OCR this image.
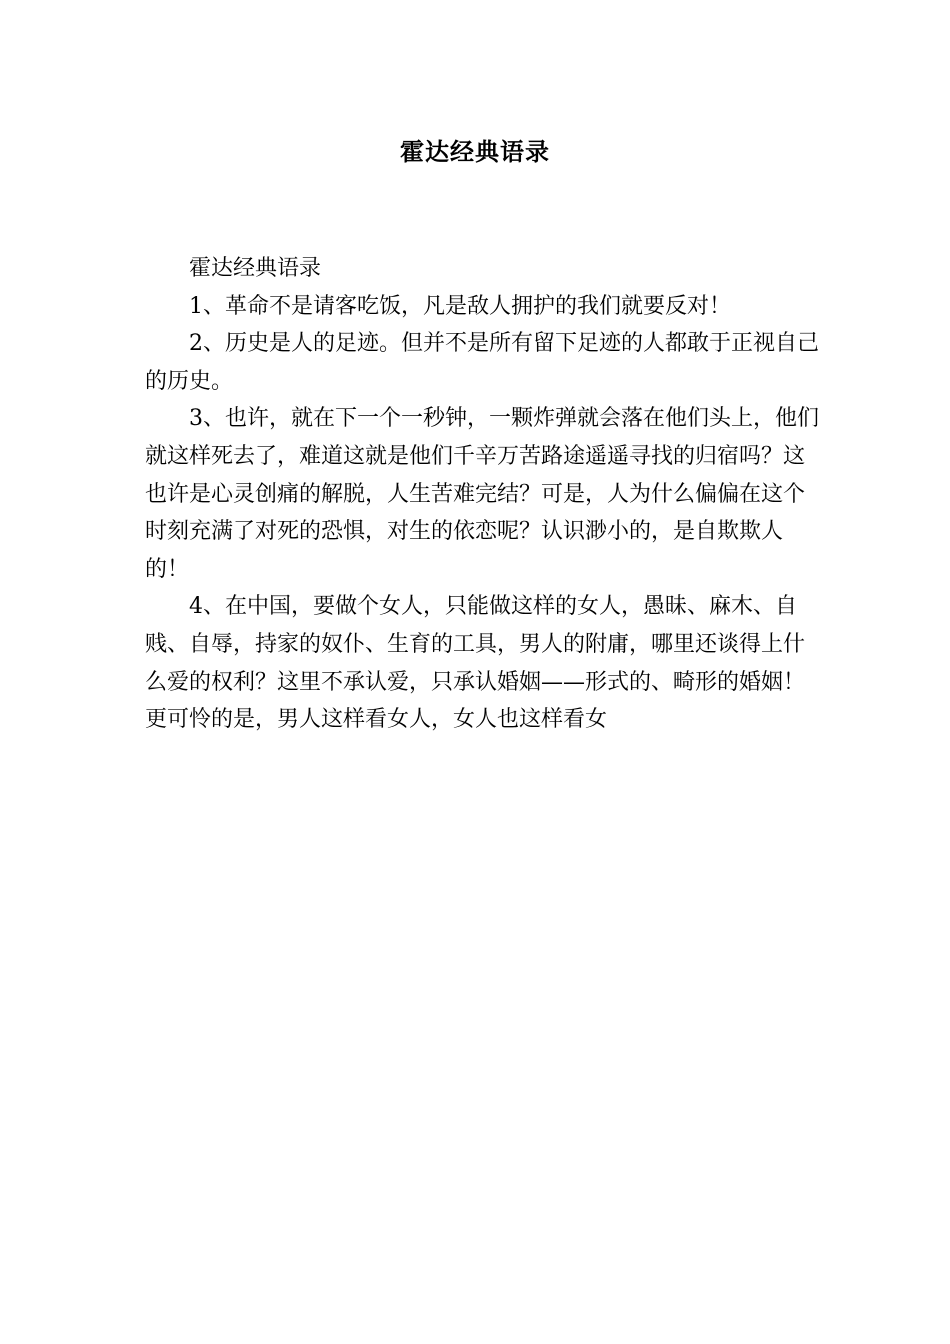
霍达经典语录

霍达经典语录

1、革命不是请客吃饭，凡是敌人拥护的我们就要反对！

2、历史是人的足迹。但并不是所有留下足迹的人都敢于正视自己的历史。

3、也许，就在下一个一秒钟，一颗炸弹就会落在他们头上，他们就这样死去了，难道这就是他们千辛万苦路途遥遥寻找的归宿吗？这也许是心灵创痛的解脱，人生苦难完结？可是，人为什么偏偏在这个时刻充满了对死的恐惧，对生的依恋呢？认识渺小的，是自欺欺人的！

4、在中国，要做个女人，只能做这样的女人，愚昧、麻木、自贱、自辱，持家的奴仆、生育的工具，男人的附庸，哪里还谈得上什么爱的权利？这里不承认爱，只承认婚姻——形式的、畸形的婚姻！更可怜的是，男人这样看女人，女人也这样看女
